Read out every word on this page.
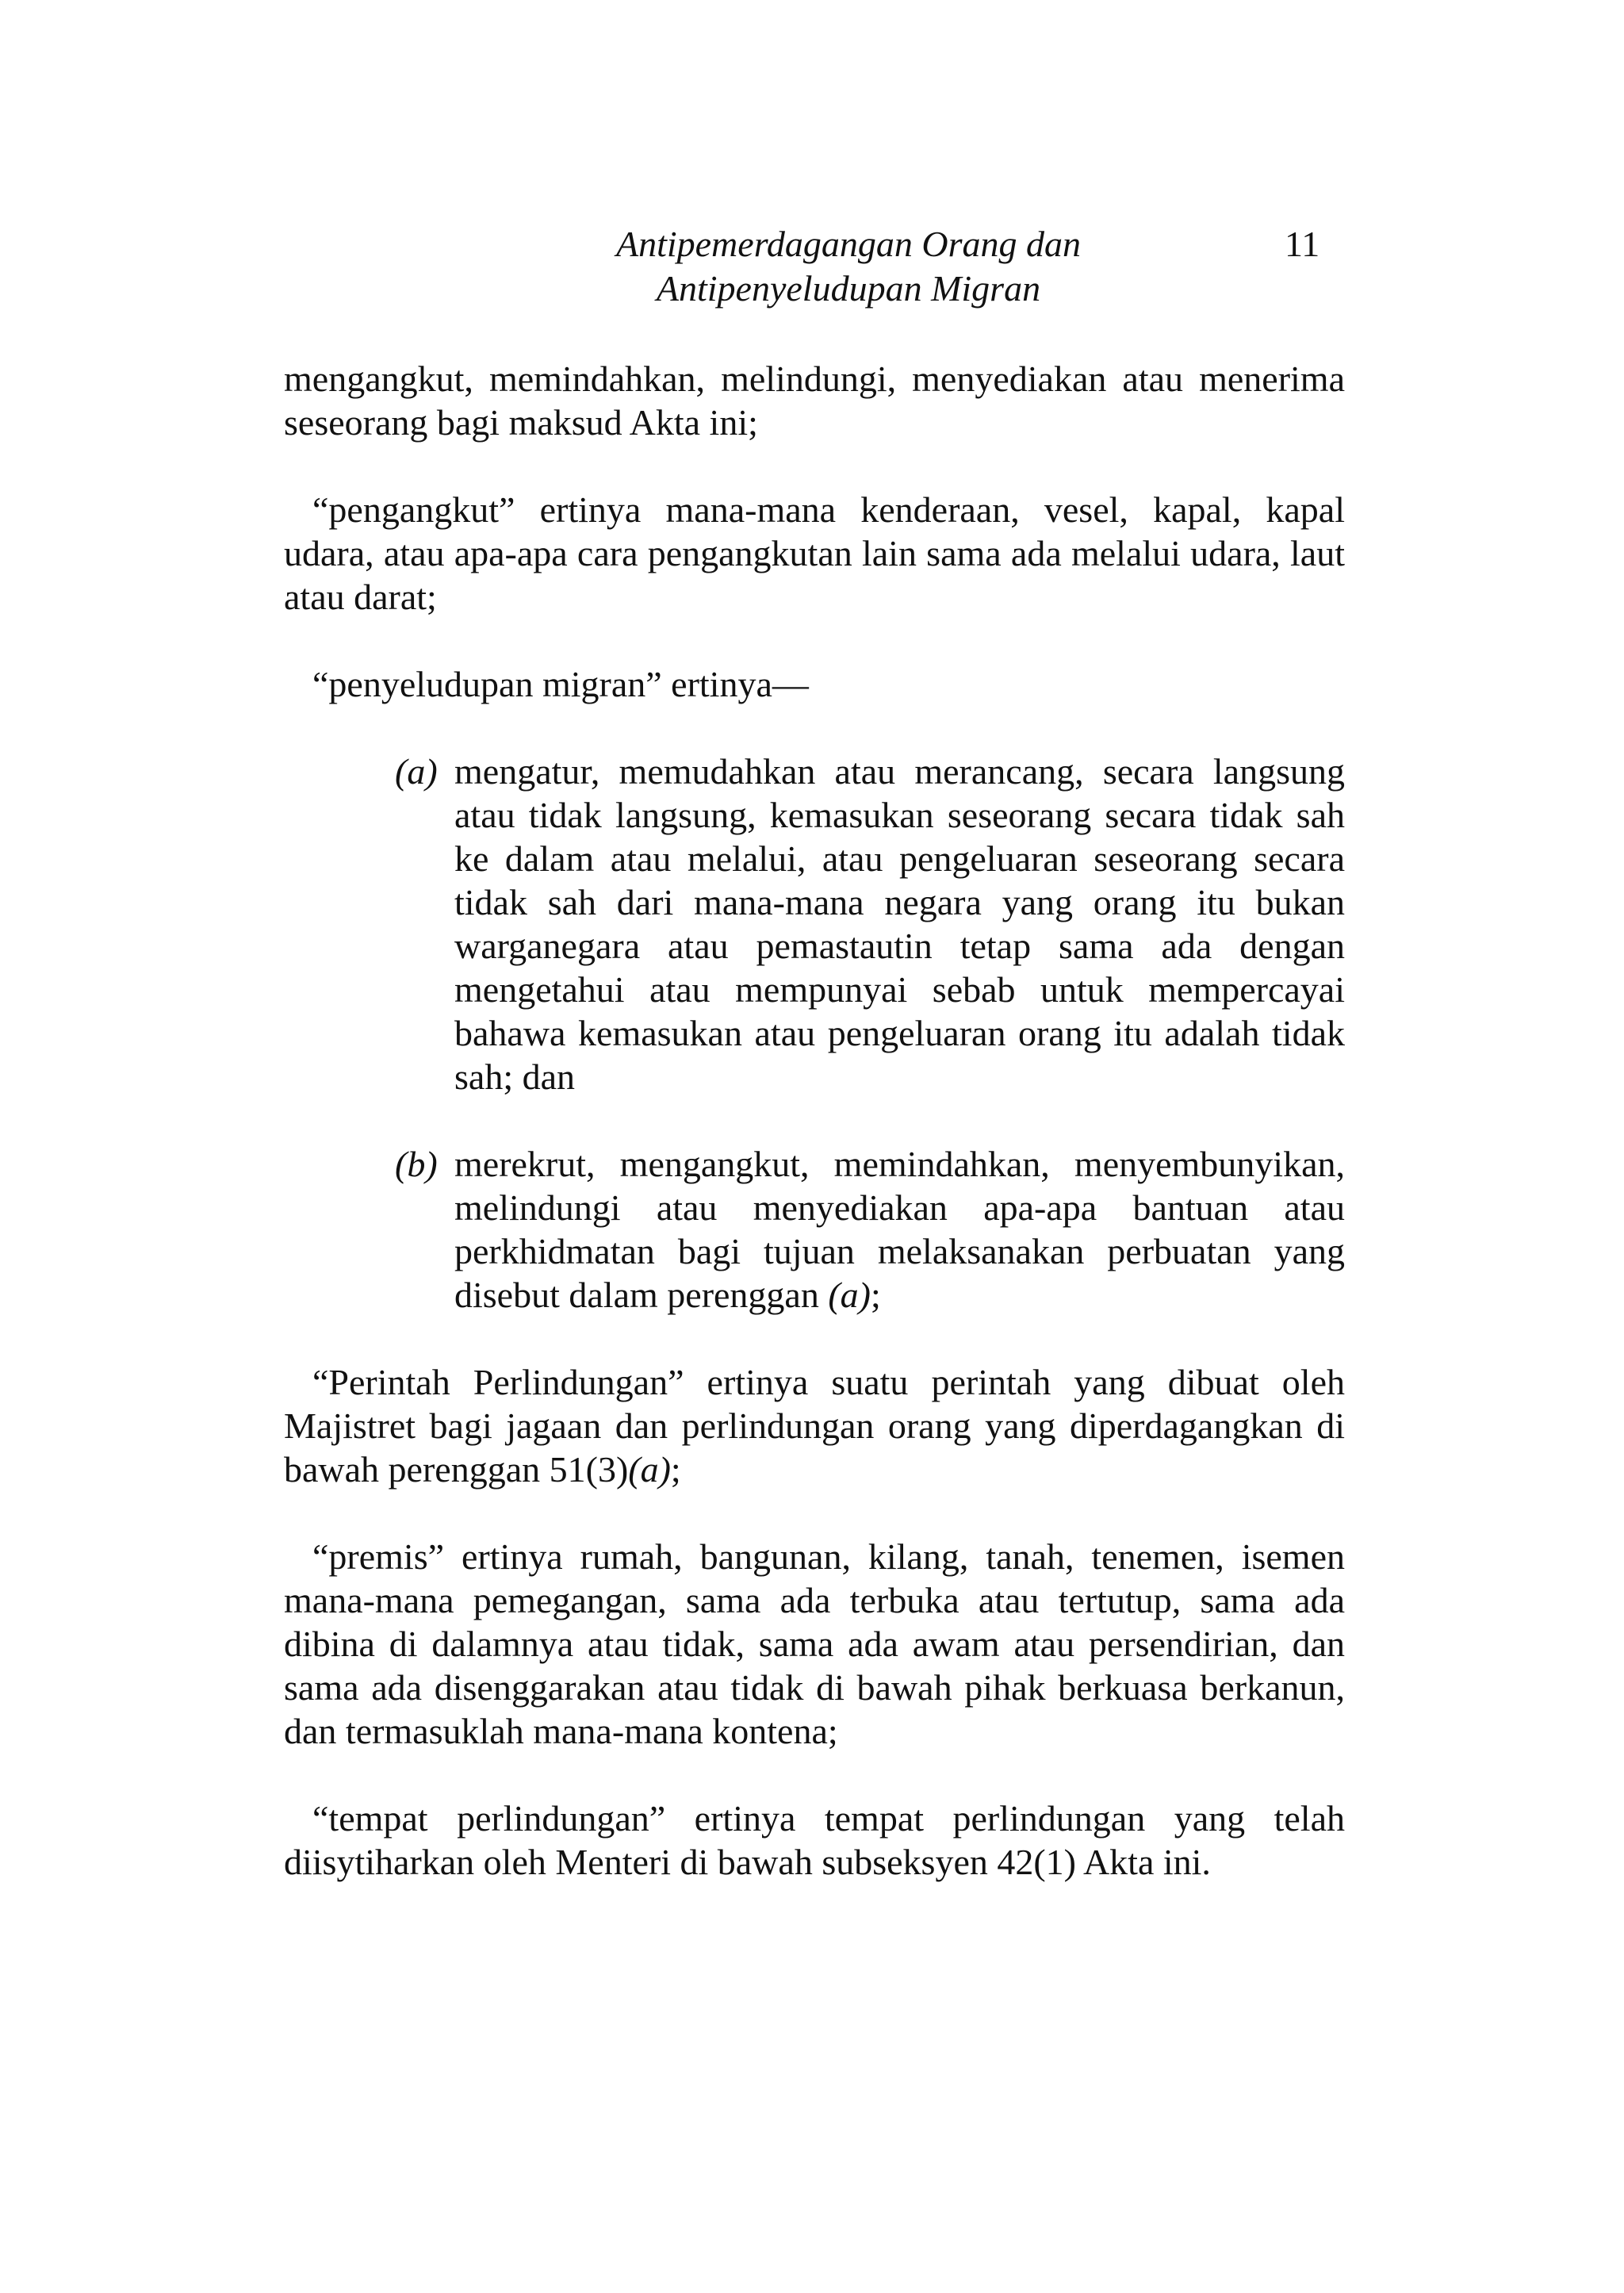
Antipemerdagangan Orang dan
Antipenyeludupan Migran
11

mengangkut, memindahkan, melindungi, menyediakan atau menerima seseorang bagi maksud Akta ini;

“pengangkut” ertinya mana-mana kenderaan, vesel, kapal, kapal udara, atau apa-apa cara pengangkutan lain sama ada melalui udara, laut atau darat;

“penyeludupan migran” ertinya—

(a) mengatur, memudahkan atau merancang, secara langsung atau tidak langsung, kemasukan seseorang secara tidak sah ke dalam atau melalui, atau pengeluaran seseorang secara tidak sah dari mana-mana negara yang orang itu bukan warganegara atau pemastautin tetap sama ada dengan mengetahui atau mempunyai sebab untuk mempercayai bahawa kemasukan atau pengeluaran orang itu adalah tidak sah; dan
(b) merekrut, mengangkut, memindahkan, menyembunyikan, melindungi atau menyediakan apa-apa bantuan atau perkhidmatan bagi tujuan melaksanakan perbuatan yang disebut dalam perenggan (a);

“Perintah Perlindungan” ertinya suatu perintah yang dibuat oleh Majistret bagi jagaan dan perlindungan orang yang diperdagangkan di bawah perenggan 51(3)(a);

“premis” ertinya rumah, bangunan, kilang, tanah, tenemen, isemen mana-mana pemegangan, sama ada terbuka atau tertutup, sama ada dibina di dalamnya atau tidak, sama ada awam atau persendirian, dan sama ada disenggarakan atau tidak di bawah pihak berkuasa berkanun, dan termasuklah mana-mana kontena;

“tempat perlindungan” ertinya tempat perlindungan yang telah diisytiharkan oleh Menteri di bawah subseksyen 42(1) Akta ini.
